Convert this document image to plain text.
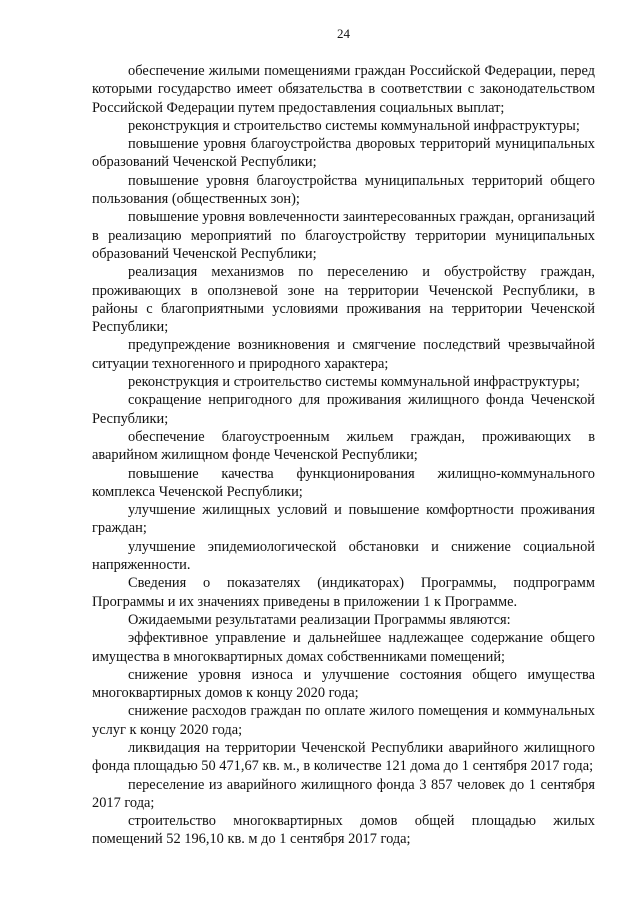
24

обеспечение жилыми помещениями граждан Российской Федерации, перед которыми государство имеет обязательства в соответствии с законодательством Российской Федерации путем предоставления социальных выплат;

реконструкция и строительство системы коммунальной инфраструктуры;

повышение уровня благоустройства дворовых территорий муниципальных образований Чеченской Республики;

повышение уровня благоустройства муниципальных территорий общего пользования (общественных зон);

повышение уровня вовлеченности заинтересованных граждан, организаций в реализацию мероприятий по благоустройству территории муниципальных образований Чеченской Республики;

реализация механизмов по переселению и обустройству граждан, проживающих в оползневой зоне на территории Чеченской Республики, в районы с благоприятными условиями проживания на территории Чеченской Республики;

предупреждение возникновения и смягчение последствий чрезвычайной ситуации техногенного и природного характера;

реконструкция и строительство системы коммунальной инфраструктуры;

сокращение непригодного для проживания жилищного фонда Чеченской Республики;

обеспечение благоустроенным жильем граждан, проживающих в аварийном жилищном фонде Чеченской Республики;

повышение качества функционирования жилищно-коммунального комплекса Чеченской Республики;

улучшение жилищных условий и повышение комфортности проживания граждан;

улучшение эпидемиологической обстановки и снижение социальной напряженности.

Сведения о показателях (индикаторах) Программы, подпрограмм Программы и их значениях приведены в приложении 1 к Программе.

Ожидаемыми результатами реализации Программы являются:

эффективное управление и дальнейшее надлежащее содержание общего имущества в многоквартирных домах собственниками помещений;

снижение уровня износа и улучшение состояния общего имущества многоквартирных домов к концу 2020 года;

снижение расходов граждан по оплате жилого помещения и коммунальных услуг к концу 2020 года;

ликвидация на территории Чеченской Республики аварийного жилищного фонда площадью 50 471,67 кв. м., в количестве 121 дома до 1 сентября 2017 года;

переселение из аварийного жилищного фонда 3 857 человек до 1 сентября 2017 года;

строительство многоквартирных домов общей площадью жилых помещений 52 196,10 кв. м до 1 сентября 2017 года;
